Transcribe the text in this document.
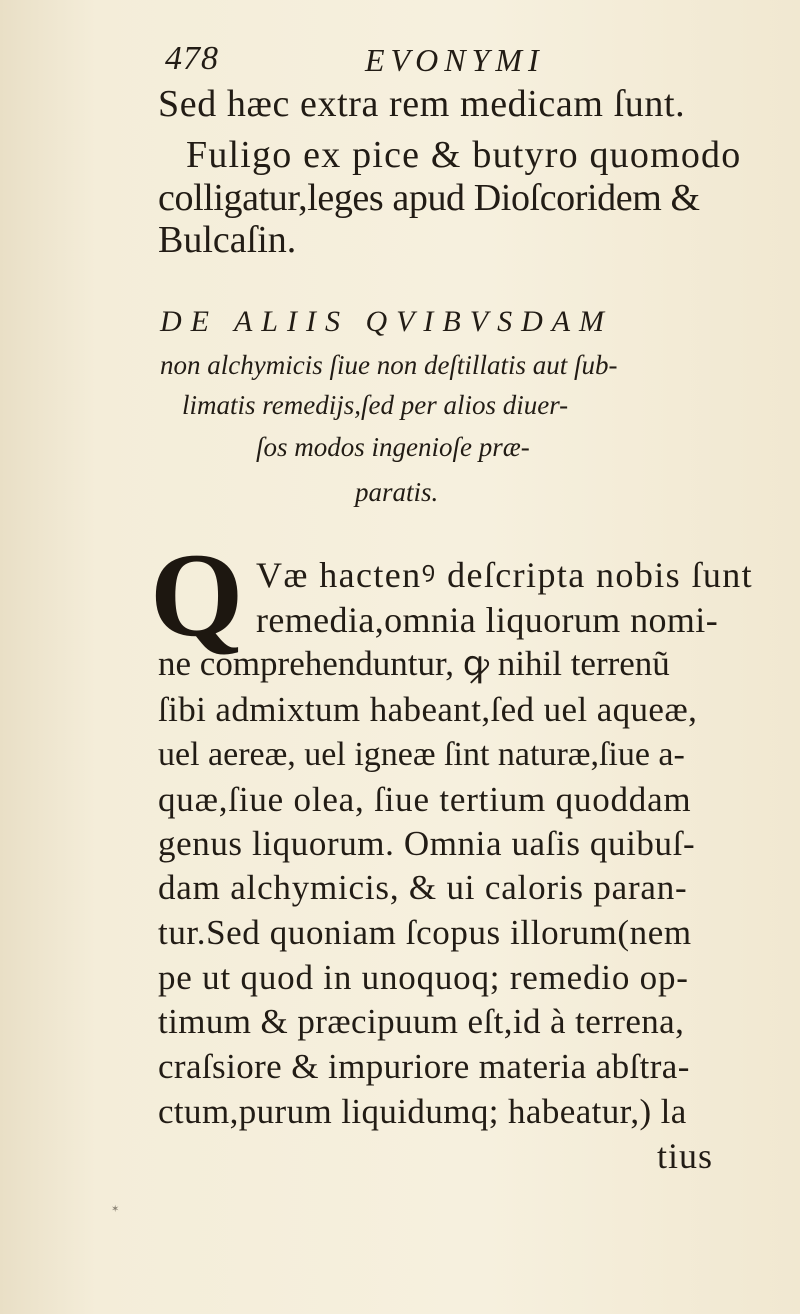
478	EVONYMI
Sed hæc extra rem medicam ſunt.
Fuligo ex pice & butyro quomodo
colligatur,leges apud Dioſcoridem &
Bulcaſin.
DE ALIIS QVIBVSDAM
non alchymicis ſiue non deſtillatis aut ſub-
limatis remedijs,ſed per alios diuer-
ſos modos ingenioſe præ-
paratis.
Q Væ hactenꝰ deſcripta nobis ſunt
remedia,omnia liquorum nomi-
ne comprehenduntur, ꝙ nihil terrenũ
ſibi admixtum habeant,ſed uel aqueæ,
uel aereæ, uel igneæ ſint naturæ,ſiue a-
quæ,ſiue olea, ſiue tertium quoddam
genus liquorum. Omnia uaſis quibuſ-
dam alchymicis, & ui caloris paran-
tur.Sed quoniam ſcopus illorum(nem
pe ut quod in unoquoq; remedio op-
timum & præcipuum eſt,id à terrena,
craſsiore & impuriore materia abſtra-
ctum,purum liquidumq; habeatur,) la
tius
✶
